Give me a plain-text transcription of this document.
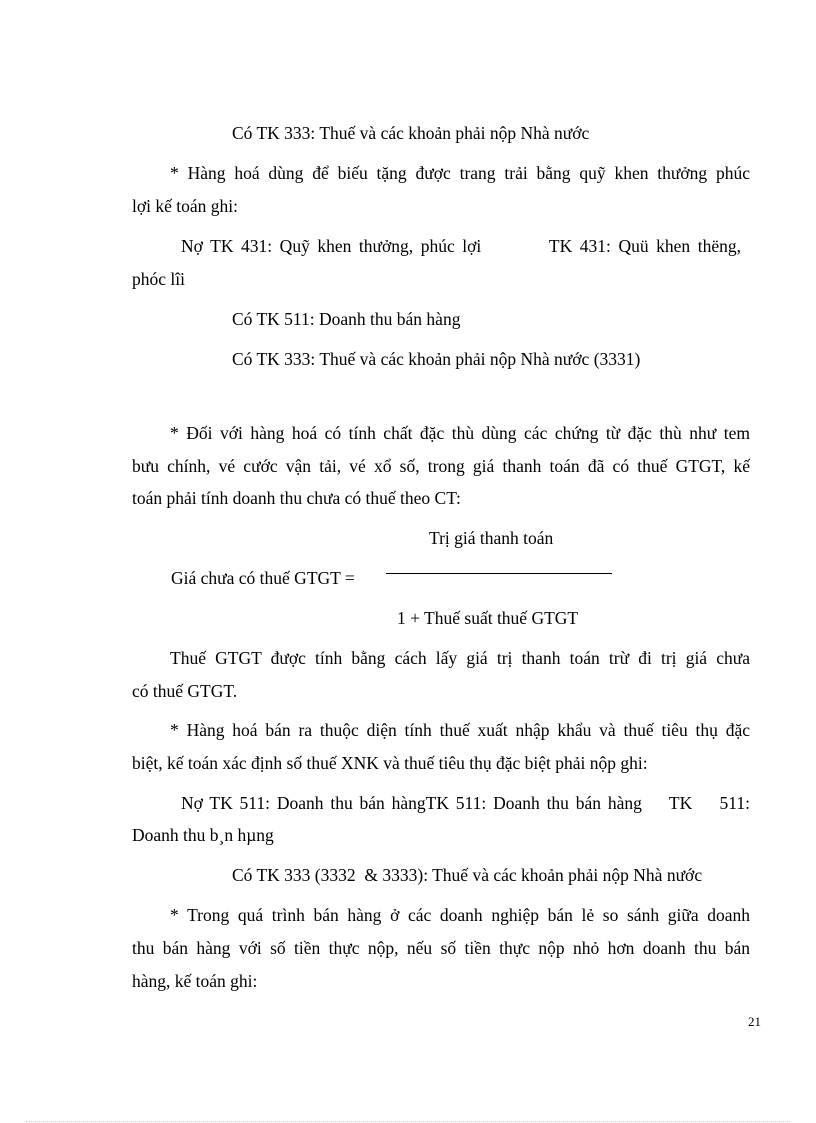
Có TK 333: Thuế và các khoản phải nộp Nhà nước
* Hàng hoá dùng để biếu tặng được trang trải bằng quỹ khen thưởng phúc
lợi kế toán ghi:
Nợ TK 431: Quỹ khen thưởng, phúc lợi         TK 431: Quü khen thëng,
phóc lîi
Có TK 511: Doanh thu bán hàng
Có TK 333: Thuế và các khoản phải nộp Nhà nước (3331)
* Đối với hàng hoá có tính chất đặc thù dùng các chứng từ đặc thù như tem
bưu chính, vé cước vận tải, vé xổ số, trong giá thanh toán đã có thuế GTGT, kế
toán phải tính doanh thu chưa có thuế theo CT:
Trị giá thanh toán
Giá chưa có thuế GTGT =
1 + Thuế suất thuế GTGT
Thuế GTGT được tính bằng cách lấy giá trị thanh toán trừ đi trị giá chưa
có thuế GTGT.
* Hàng hoá bán ra thuộc diện tính thuế xuất nhập khẩu và thuế tiêu thụ đặc
biệt, kế toán xác định số thuế XNK và thuế tiêu thụ đặc biệt phải nộp ghi:
Nợ TK 511: Doanh thu bán hàngTK 511: Doanh thu bán hàng    TK    511:
Doanh thu b¸n hµng
Có TK 333 (3332  & 3333): Thuế và các khoản phải nộp Nhà nước
* Trong quá trình bán hàng ở các doanh nghiệp bán lẻ so sánh giữa doanh
thu bán hàng với số tiền thực nộp, nếu số tiền thực nộp nhỏ hơn doanh thu bán
hàng, kế toán ghi:
21
